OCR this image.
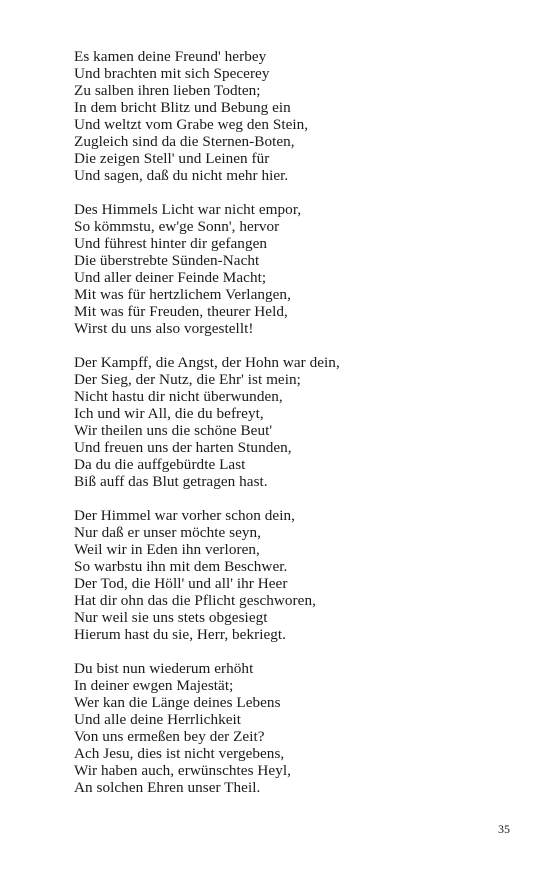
Es kamen deine Freund' herbey
Und brachten mit sich Specerey
Zu salben ihren lieben Todten;
In dem bricht Blitz und Bebung ein
Und weltzt vom Grabe weg den Stein,
Zugleich sind da die Sternen-Boten,
Die zeigen Stell' und Leinen für
Und sagen, daß du nicht mehr hier.
Des Himmels Licht war nicht empor,
So kömmstu, ew'ge Sonn', hervor
Und führest hinter dir gefangen
Die überstrebte Sünden-Nacht
Und aller deiner Feinde Macht;
Mit was für hertzlichem Verlangen,
Mit was für Freuden, theurer Held,
Wirst du uns also vorgestellt!
Der Kampff, die Angst, der Hohn war dein,
Der Sieg, der Nutz, die Ehr' ist mein;
Nicht hastu dir nicht überwunden,
Ich und wir All, die du befreyt,
Wir theilen uns die schöne Beut'
Und freuen uns der harten Stunden,
Da du die auffgebürdte Last
Biß auff das Blut getragen hast.
Der Himmel war vorher schon dein,
Nur daß er unser möchte seyn,
Weil wir in Eden ihn verloren,
So warbstu ihn mit dem Beschwer.
Der Tod, die Höll' und all' ihr Heer
Hat dir ohn das die Pflicht geschworen,
Nur weil sie uns stets obgesiegt
Hierum hast du sie, Herr, bekriegt.
Du bist nun wiederum erhöht
In deiner ewgen Majestät;
Wer kan die Länge deines Lebens
Und alle deine Herrlichkeit
Von uns ermeßen bey der Zeit?
Ach Jesu, dies ist nicht vergebens,
Wir haben auch, erwünschtes Heyl,
An solchen Ehren unser Theil.
35
